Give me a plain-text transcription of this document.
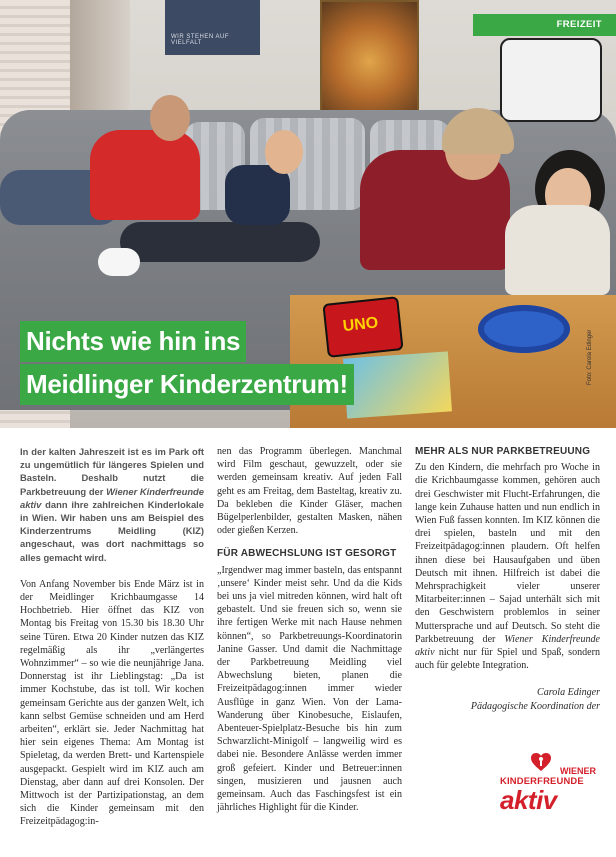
WIR STEHEN AUF VIELFALT
UNO
Foto: Carola Edinger
FREIZEIT
Nichts wie hin ins
Meidlinger Kinderzentrum!

In der kalten Jahreszeit ist es im Park oft zu ungemütlich für längeres Spielen und Basteln. Deshalb nutzt die Parkbetreuung der Wiener Kinderfreunde aktiv dann ihre zahlreichen Kinderlokale in Wien. Wir haben uns am Beispiel des Kinderzentrums Meidling (KIZ) angeschaut, was dort nachmittags so alles gemacht wird.

Von Anfang November bis Ende März ist in der Meidlinger Krichbaumgasse 14 Hochbetrieb. Hier öffnet das KIZ von Montag bis Freitag von 15.30 bis 18.30 Uhr seine Türen. Etwa 20 Kinder nutzen das KIZ regelmäßig als ihr „verlängertes Wohnzimmer“ – so wie die neunjährige Jana. Donnerstag ist ihr Lieblingstag: „Da ist immer Kochstube, das ist toll. Wir kochen gemeinsam Gerichte aus der ganzen Welt, ich kann selbst Gemüse schneiden und am Herd arbeiten“, erklärt sie. Jeder Nachmittag hat hier sein eigenes Thema: Am Montag ist Spieletag, da werden Brett- und Kartenspiele ausgepackt. Gespielt wird im KIZ auch am Dienstag, aber dann auf drei Konsolen. Der Mittwoch ist der Partizipationstag, an dem sich die Kinder gemeinsam mit den Freizeitpädagog:in-

nen das Programm überlegen. Manchmal wird Film geschaut, gewuzzelt, oder sie werden gemeinsam kreativ. Auf jeden Fall geht es am Freitag, dem Basteltag, kreativ zu. Da bekleben die Kinder Gläser, machen Bügelperlenbilder, gestalten Masken, nähen oder gießen Kerzen.

FÜR ABWECHSLUNG IST GESORGT

„Irgendwer mag immer basteln, das entspannt ‚unsere‘ Kinder meist sehr. Und da die Kids bei uns ja viel mitreden können, wird halt oft gebastelt. Und sie freuen sich so, wenn sie ihre fertigen Werke mit nach Hause nehmen können“, so Parkbetreuungs-Koordinatorin Janine Gasser. Und damit die Nachmittage der Parkbetreuung Meidling viel Abwechslung bieten, planen die Freizeitpädagog:innen immer wieder Ausflüge in ganz Wien. Von der Lama-Wanderung über Kinobesuche, Eislaufen, Abenteuer-Spielplatz-Besuche bis hin zum Schwarzlicht-Minigolf – langweilig wird es dabei nie. Besondere Anlässe werden immer groß gefeiert. Kinder und Betreuer:innen singen, musizieren und jausnen auch gemeinsam. Auch das Faschingsfest ist ein jährliches Highlight für die Kinder.

MEHR ALS NUR PARKBETREUUNG

Zu den Kindern, die mehrfach pro Woche in die Krichbaumgasse kommen, gehören auch drei Geschwister mit Flucht-Erfahrungen, die lange kein Zuhause hatten und nun endlich in Wien Fuß fassen konnten. Im KIZ können die drei spielen, basteln und mit den Freizeitpädagog:innen plaudern. Oft helfen ihnen diese bei Hausaufgaben und üben Deutsch mit ihnen. Hilfreich ist dabei die Mehrsprachigkeit vieler unserer Mitarbeiter:innen – Sajad unterhält sich mit den Geschwistern problemlos in seiner Muttersprache und auf Deutsch. So steht die Parkbetreuung der Wiener Kinderfreunde aktiv nicht nur für Spiel und Spaß, sondern auch für gelebte Integration.

Carola Edinger
Pädagogische Koordination der
WIENER
KINDERFREUNDE
aktiv
